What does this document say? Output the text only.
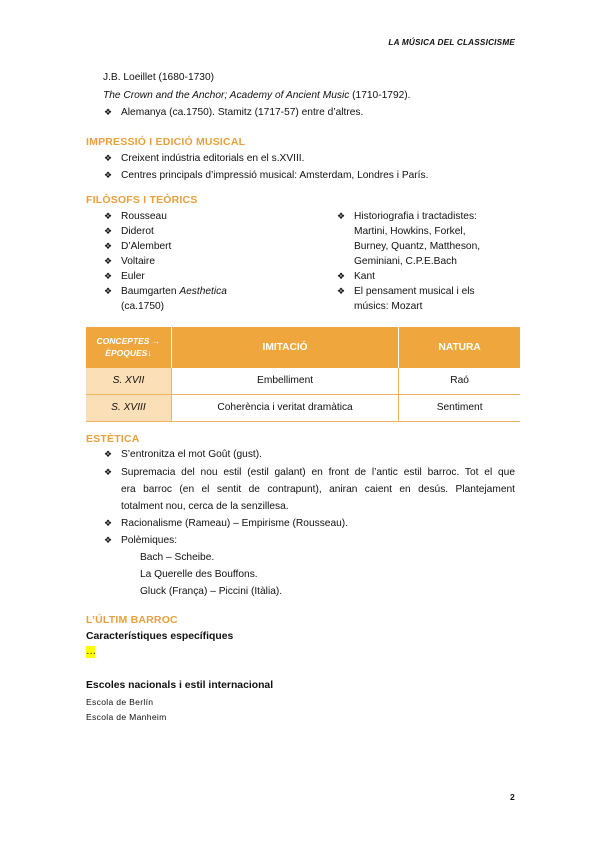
LA MÚSICA DEL CLASSICISME
J.B. Loeillet (1680-1730)
The Crown and the Anchor; Academy of Ancient Music (1710-1792).
❖ Alemanya (ca.1750). Stamitz (1717-57) entre d’altres.
IMPRESSIÓ I EDICIÓ MUSICAL
❖ Creixent indústria editorials en el s.XVIII.
❖ Centres principals d’impressió musical: Amsterdam, Londres i París.
FILÒSOFS I TEÒRICS
❖ Rousseau
❖ Diderot
❖ D’Alembert
❖ Voltaire
❖ Euler
❖ Baumgarten Aesthetica
(ca.1750)
❖ Historiografia i tractadistes:
Martini, Howkins, Forkel,
Burney, Quantz, Mattheson,
Geminiani, C.P.E.Bach
❖ Kant
❖ El pensament musical i els
músics: Mozart
CONCEPTES →
ÈPOQUES↓	IMITACIÓ	NATURA
S. XVII	Embelliment	Raó
S. XVIII	Coherència i veritat dramàtica	Sentiment
ESTÈTICA
❖ S’entronitza el mot Goût (gust).
❖ Supremacia del nou estil (estil galant) en front de l’antic estil barroc. Tot el que
era barroc (en el sentit de contrapunt), aniran caient en desús. Plantejament
totalment nou, cerca de la senzillesa.
❖ Racionalisme (Rameau) – Empirisme (Rousseau).
❖ Polèmiques:
Bach – Scheibe.
La Querelle des Bouffons.
Gluck (França) – Piccini (Itàlia).
L’ÚLTIM BARROC
Característiques específiques
…
Escoles nacionals i estil internacional
Escola de Berlín
Escola de Manheim
2
